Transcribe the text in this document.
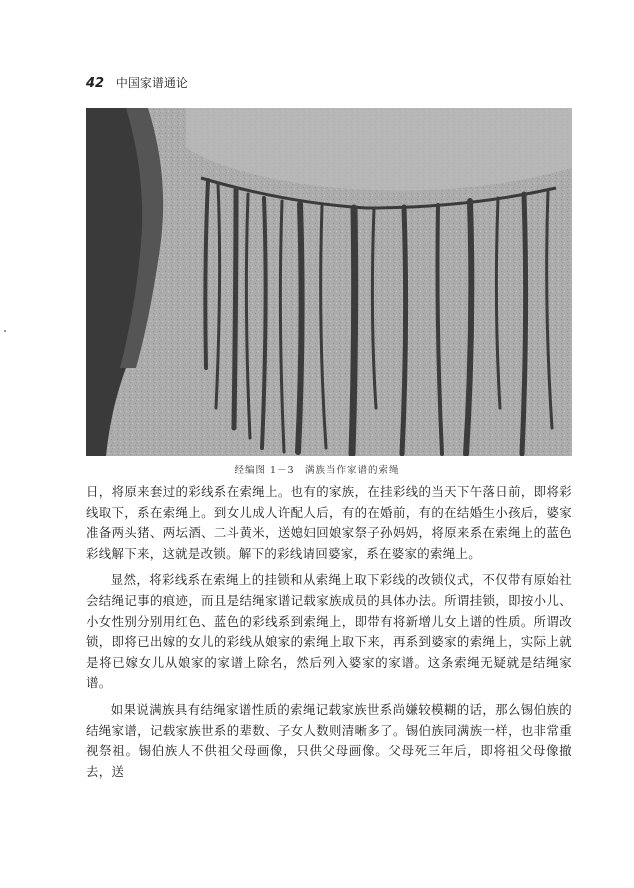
42 中国家谱通论
经编图 1－3　满族当作家谱的索绳

日，将原来套过的彩线系在索绳上。也有的家族，在挂彩线的当天下午落日前，即将彩线取下，系在索绳上。到女儿成人许配人后，有的在婚前，有的在结婚生小孩后，婆家准备两头猪、两坛酒、二斗黄米，送媳妇回娘家祭子孙妈妈，将原来系在索绳上的蓝色彩线解下来，这就是改锁。解下的彩线请回婆家，系在婆家的索绳上。

显然，将彩线系在索绳上的挂锁和从索绳上取下彩线的改锁仪式，不仅带有原始社会结绳记事的痕迹，而且是结绳家谱记载家族成员的具体办法。所谓挂锁，即按小儿、小女性别分别用红色、蓝色的彩线系到索绳上，即带有将新增儿女上谱的性质。所谓改锁，即将已出嫁的女儿的彩线从娘家的索绳上取下来，再系到婆家的索绳上，实际上就是将已嫁女儿从娘家的家谱上除名，然后列入婆家的家谱。这条索绳无疑就是结绳家谱。

如果说满族具有结绳家谱性质的索绳记载家族世系尚嫌较模糊的话，那么锡伯族的结绳家谱，记载家族世系的辈数、子女人数则清晰多了。锡伯族同满族一样，也非常重视祭祖。锡伯族人不供祖父母画像，只供父母画像。父母死三年后，即将祖父母像撤去，送
